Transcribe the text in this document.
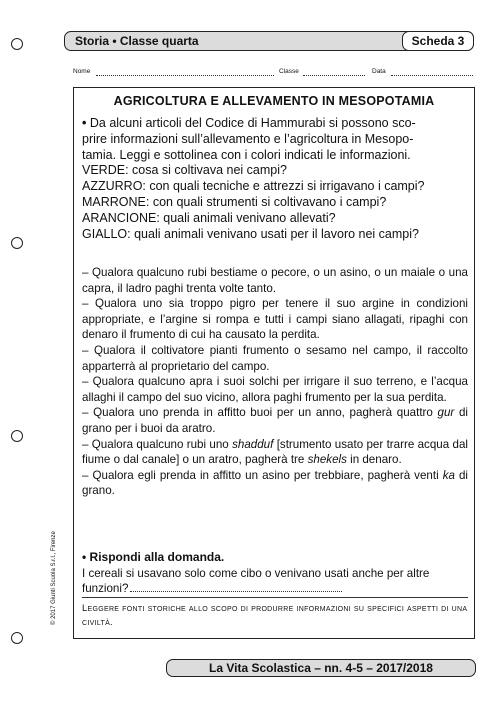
Storia • Classe quarta	Scheda 3
Nome	Classe	Data
AGRICOLTURA E ALLEVAMENTO IN MESOPOTAMIA
• Da alcuni articoli del Codice di Hammurabi si possono sco-
prire informazioni sull’allevamento e l’agricoltura in Mesopo-
tamia. Leggi e sottolinea con i colori indicati le informazioni.
VERDE: cosa si coltivava nei campi?
AZZURRO: con quali tecniche e attrezzi si irrigavano i campi?
MARRONE: con quali strumenti si coltivavano i campi?
ARANCIONE: quali animali venivano allevati?
GIALLO: quali animali venivano usati per il lavoro nei campi?

– Qualora qualcuno rubi bestiame o pecore, o un asino, o un maiale o una capra, il ladro paghi trenta volte tanto.

– Qualora uno sia troppo pigro per tenere il suo argine in condizioni appropriate, e l’argine si rompa e tutti i campi siano allagati, ripaghi con denaro il frumento di cui ha causato la perdita.

– Qualora il coltivatore pianti frumento o sesamo nel campo, il raccolto apparterrà al proprietario del campo.

– Qualora qualcuno apra i suoi solchi per irrigare il suo terreno, e l’acqua allaghi il campo del suo vicino, allora paghi frumento per la sua perdita.

– Qualora uno prenda in affitto buoi per un anno, pagherà quattro gur di grano per i buoi da aratro.

– Qualora qualcuno rubi uno shadduf [strumento usato per trarre acqua dal fiume o dal canale] o un aratro, pagherà tre shekels in denaro.

– Qualora egli prenda in affitto un asino per trebbiare, pagherà venti ka di grano.

• Rispondi alla domanda.
I cereali si usavano solo come cibo o venivano usati anche per altre
funzioni?
Leggere fonti storiche allo scopo di produrre informazioni su specifici aspetti di una civiltà.
© 2017 Giunti Scuola S.r.l., Firenze
La Vita Scolastica – nn. 4-5 – 2017/2018
